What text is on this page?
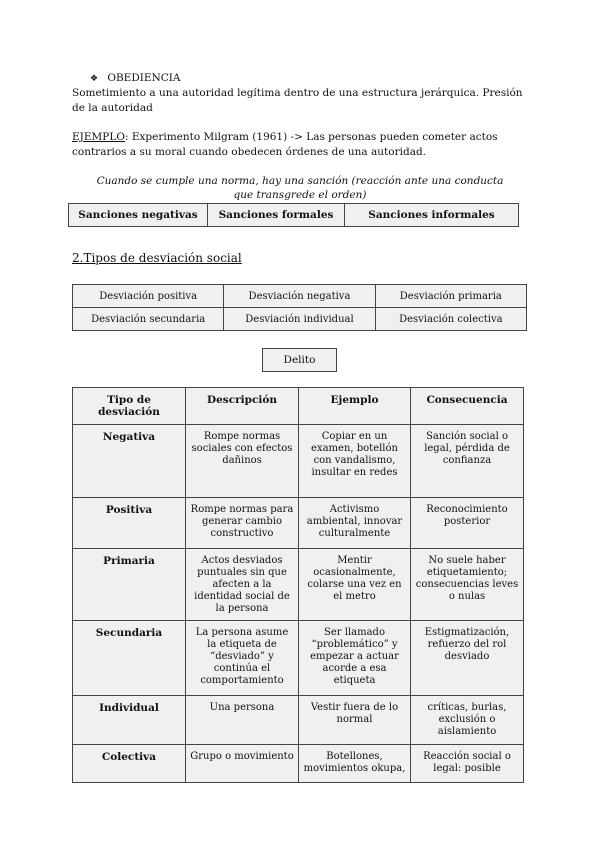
❖ OBEDIENCIA
Sometimiento a una autoridad legítima dentro de una estructura jerárquica. Presión de la autoridad
EJEMPLO: Experimento Milgram (1961) -> Las personas pueden cometer actos contrarios a su moral cuando obedecen órdenes de una autoridad.
Cuando se cumple una norma, hay una sanción (reacción ante una conducta que transgrede el orden)
Sanciones negativas	Sanciones formales	Sanciones informales
2.Tipos de desviación social
Desviación positiva	Desviación negativa	Desviación primaria
Desviación secundaria	Desviación individual	Desviación colectiva
Delito
Tipo de desviación	Descripción	Ejemplo	Consecuencia
Negativa	Rompe normas sociales con efectos dañinos	Copiar en un examen, botellón con vandalismo, insultar en redes	Sanción social o legal, pérdida de confianza
Positiva	Rompe normas para generar cambio constructivo	Activismo ambiental, innovar culturalmente	Reconocimiento posterior
Primaria	Actos desviados puntuales sin que afecten a la identidad social de la persona	Mentir ocasionalmente, colarse una vez en el metro	No suele haber etiquetamiento; consecuencias leves o nulas
Secundaria	La persona asume la etiqueta de “desviado” y continúa el comportamiento	Ser llamado “problemático” y empezar a actuar acorde a esa etiqueta	Estigmatización, refuerzo del rol desviado
Individual	Una persona	Vestir fuera de lo normal	críticas, burlas, exclusión o aislamiento
Colectiva	Grupo o movimiento	Botellones, movimientos okupa,	Reacción social o legal: posible
